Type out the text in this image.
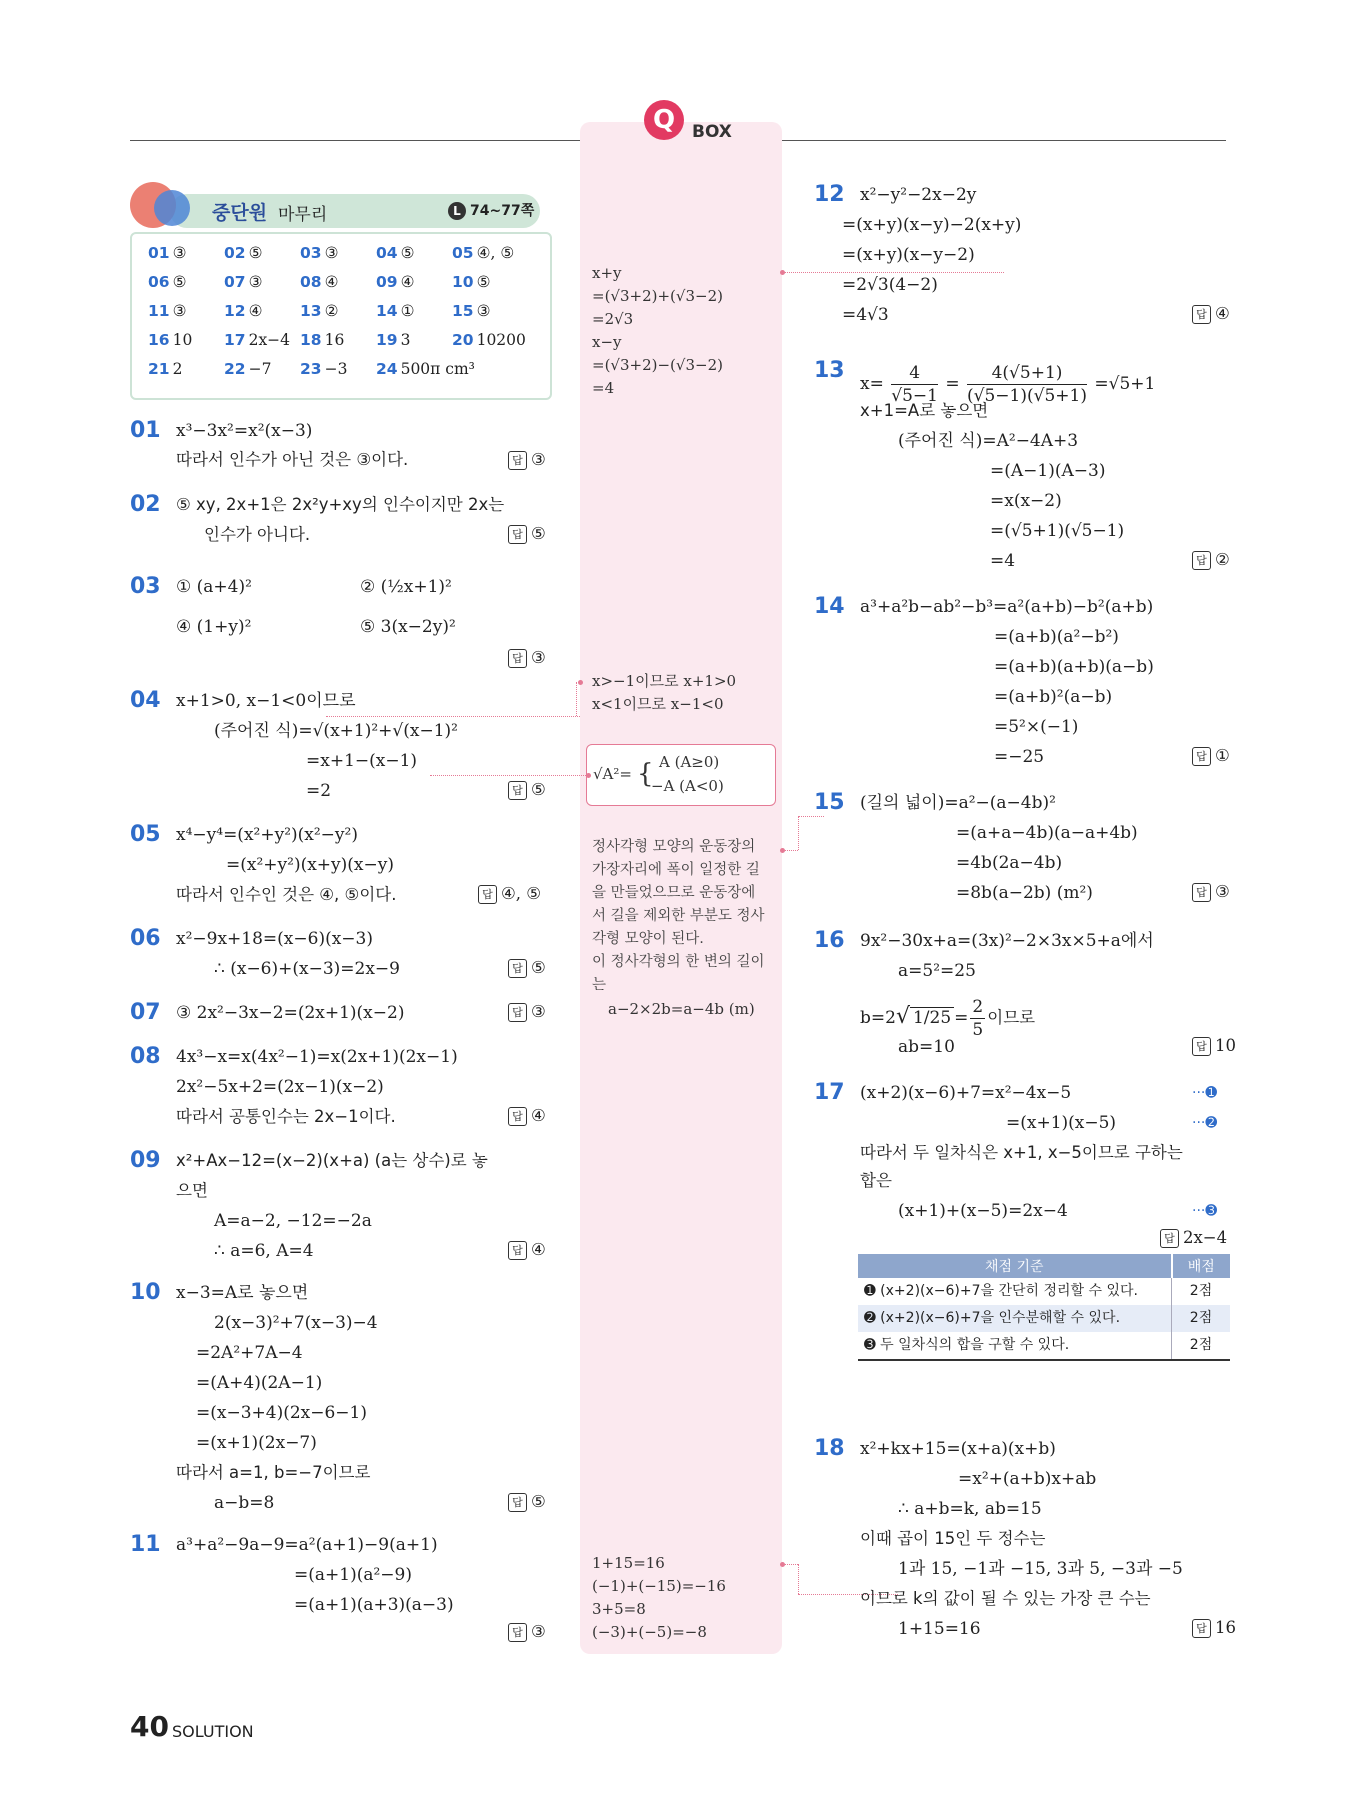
Q BOX
중단원 마무리	L 74~77쪽
01 ③ 02 ⑤ 03 ③ 04 ⑤ 05 ④, ⑤
06 ⑤ 07 ③ 08 ④ 09 ④ 10 ⑤
11 ③ 12 ④ 13 ② 14 ① 15 ③
16 10 17 2x−4 18 16 19 3	20 10200
21 2	22 −7 23 −3 24 500π cm³
01 x³−3x²=x²(x−3)
따라서 인수가 아닌 것은 ③이다.	답 ③
02 ⑤ xy, 2x+1은 2x²y+xy의 인수이지만 2x는
인수가 아니다.	답 ⑤
03 ① (a+4)²	② (½x+1)²
④ (1+y)²	⑤ 3(x−2y)²
답 ③
04 x+1>0, x−1<0이므로
(주어진 식)=√(x+1)²+√(x−1)²
=x+1−(x−1)
=2	답 ⑤
05 x⁴−y⁴=(x²+y²)(x²−y²)
=(x²+y²)(x+y)(x−y)
따라서 인수인 것은 ④, ⑤이다.	답 ④, ⑤
06 x²−9x+18=(x−6)(x−3)
∴ (x−6)+(x−3)=2x−9	답 ⑤
07 ③ 2x²−3x−2=(2x+1)(x−2)	답 ③
08 4x³−x=x(4x²−1)=x(2x+1)(2x−1)
2x²−5x+2=(2x−1)(x−2)
따라서 공통인수는 2x−1이다.	답 ④
09 x²+Ax−12=(x−2)(x+a) (a는 상수)로 놓
으면
A=a−2, −12=−2a
∴ a=6, A=4	답 ④
10 x−3=A로 놓으면
2(x−3)²+7(x−3)−4
=2A²+7A−4
=(A+4)(2A−1)
=(x−3+4)(2x−6−1)
=(x+1)(2x−7)
따라서 a=1, b=−7이므로
a−b=8	답 ⑤
11 a³+a²−9a−9=a²(a+1)−9(a+1)
=(a+1)(a²−9)
=(a+1)(a+3)(a−3)
답 ③
x+y
=(√3+2)+(√3−2)
=2√3
x−y
=(√3+2)−(√3−2)
=4
x>−1이므로 x+1>0
x<1이므로 x−1<0
√A²= { A (A≥0)
−A (A<0)
정사각형 모양의 운동장의
가장자리에 폭이 일정한 길
을 만들었으므로 운동장에
서 길을 제외한 부분도 정사
각형 모양이 된다.
이 정사각형의 한 변의 길이
는
a−2×2b=a−4b (m)
1+15=16
(−1)+(−15)=−16
3+5=8
(−3)+(−5)=−8
12 x²−y²−2x−2y
=(x+y)(x−y)−2(x+y)
=(x+y)(x−y−2)
=2√3(4−2)
=4√3	답 ④
13
$x= \frac{4}{√5-1} = \frac{4(√5+1)}{(√5-1)(√5+1)} =√5+1$
x+1=A로 놓으면
(주어진 식)=A²−4A+3
=(A−1)(A−3)
=x(x−2)
=(√5+1)(√5−1)
=4	답 ②
14 a³+a²b−ab²−b³=a²(a+b)−b²(a+b)
=(a+b)(a²−b²)
=(a+b)(a+b)(a−b)
=(a+b)²(a−b)
=5²×(−1)
=−25	답 ①
15 (길의 넓이)=a²−(a−4b)²
=(a+a−4b)(a−a+4b)
=4b(2a−4b)
=8b(a−2b) (m²)	답 ③
16 9x²−30x+a=(3x)²−2×3x×5+a에서
a=5²=25
b=2√ $1/25 = \frac{2}{5}$ 이므로
ab=10	답 10
17 (x+2)(x−6)+7=x²−4x−5	···➊
=(x+1)(x−5)	···➋
따라서 두 일차식은 x+1, x−5이므로 구하는
합은
(x+1)+(x−5)=2x−4	···➌
답 2x−4
채점 기준	배점
➊ (x+2)(x−6)+7을 간단히 정리할 수 있다.	2점
➋ (x+2)(x−6)+7을 인수분해할 수 있다.	2점
➌ 두 일차식의 합을 구할 수 있다.	2점
18 x²+kx+15=(x+a)(x+b)
=x²+(a+b)x+ab
∴ a+b=k, ab=15
이때 곱이 15인 두 정수는
1과 15, −1과 −15, 3과 5, −3과 −5
이므로 k의 값이 될 수 있는 가장 큰 수는
1+15=16	답 16
40 SOLUTION
